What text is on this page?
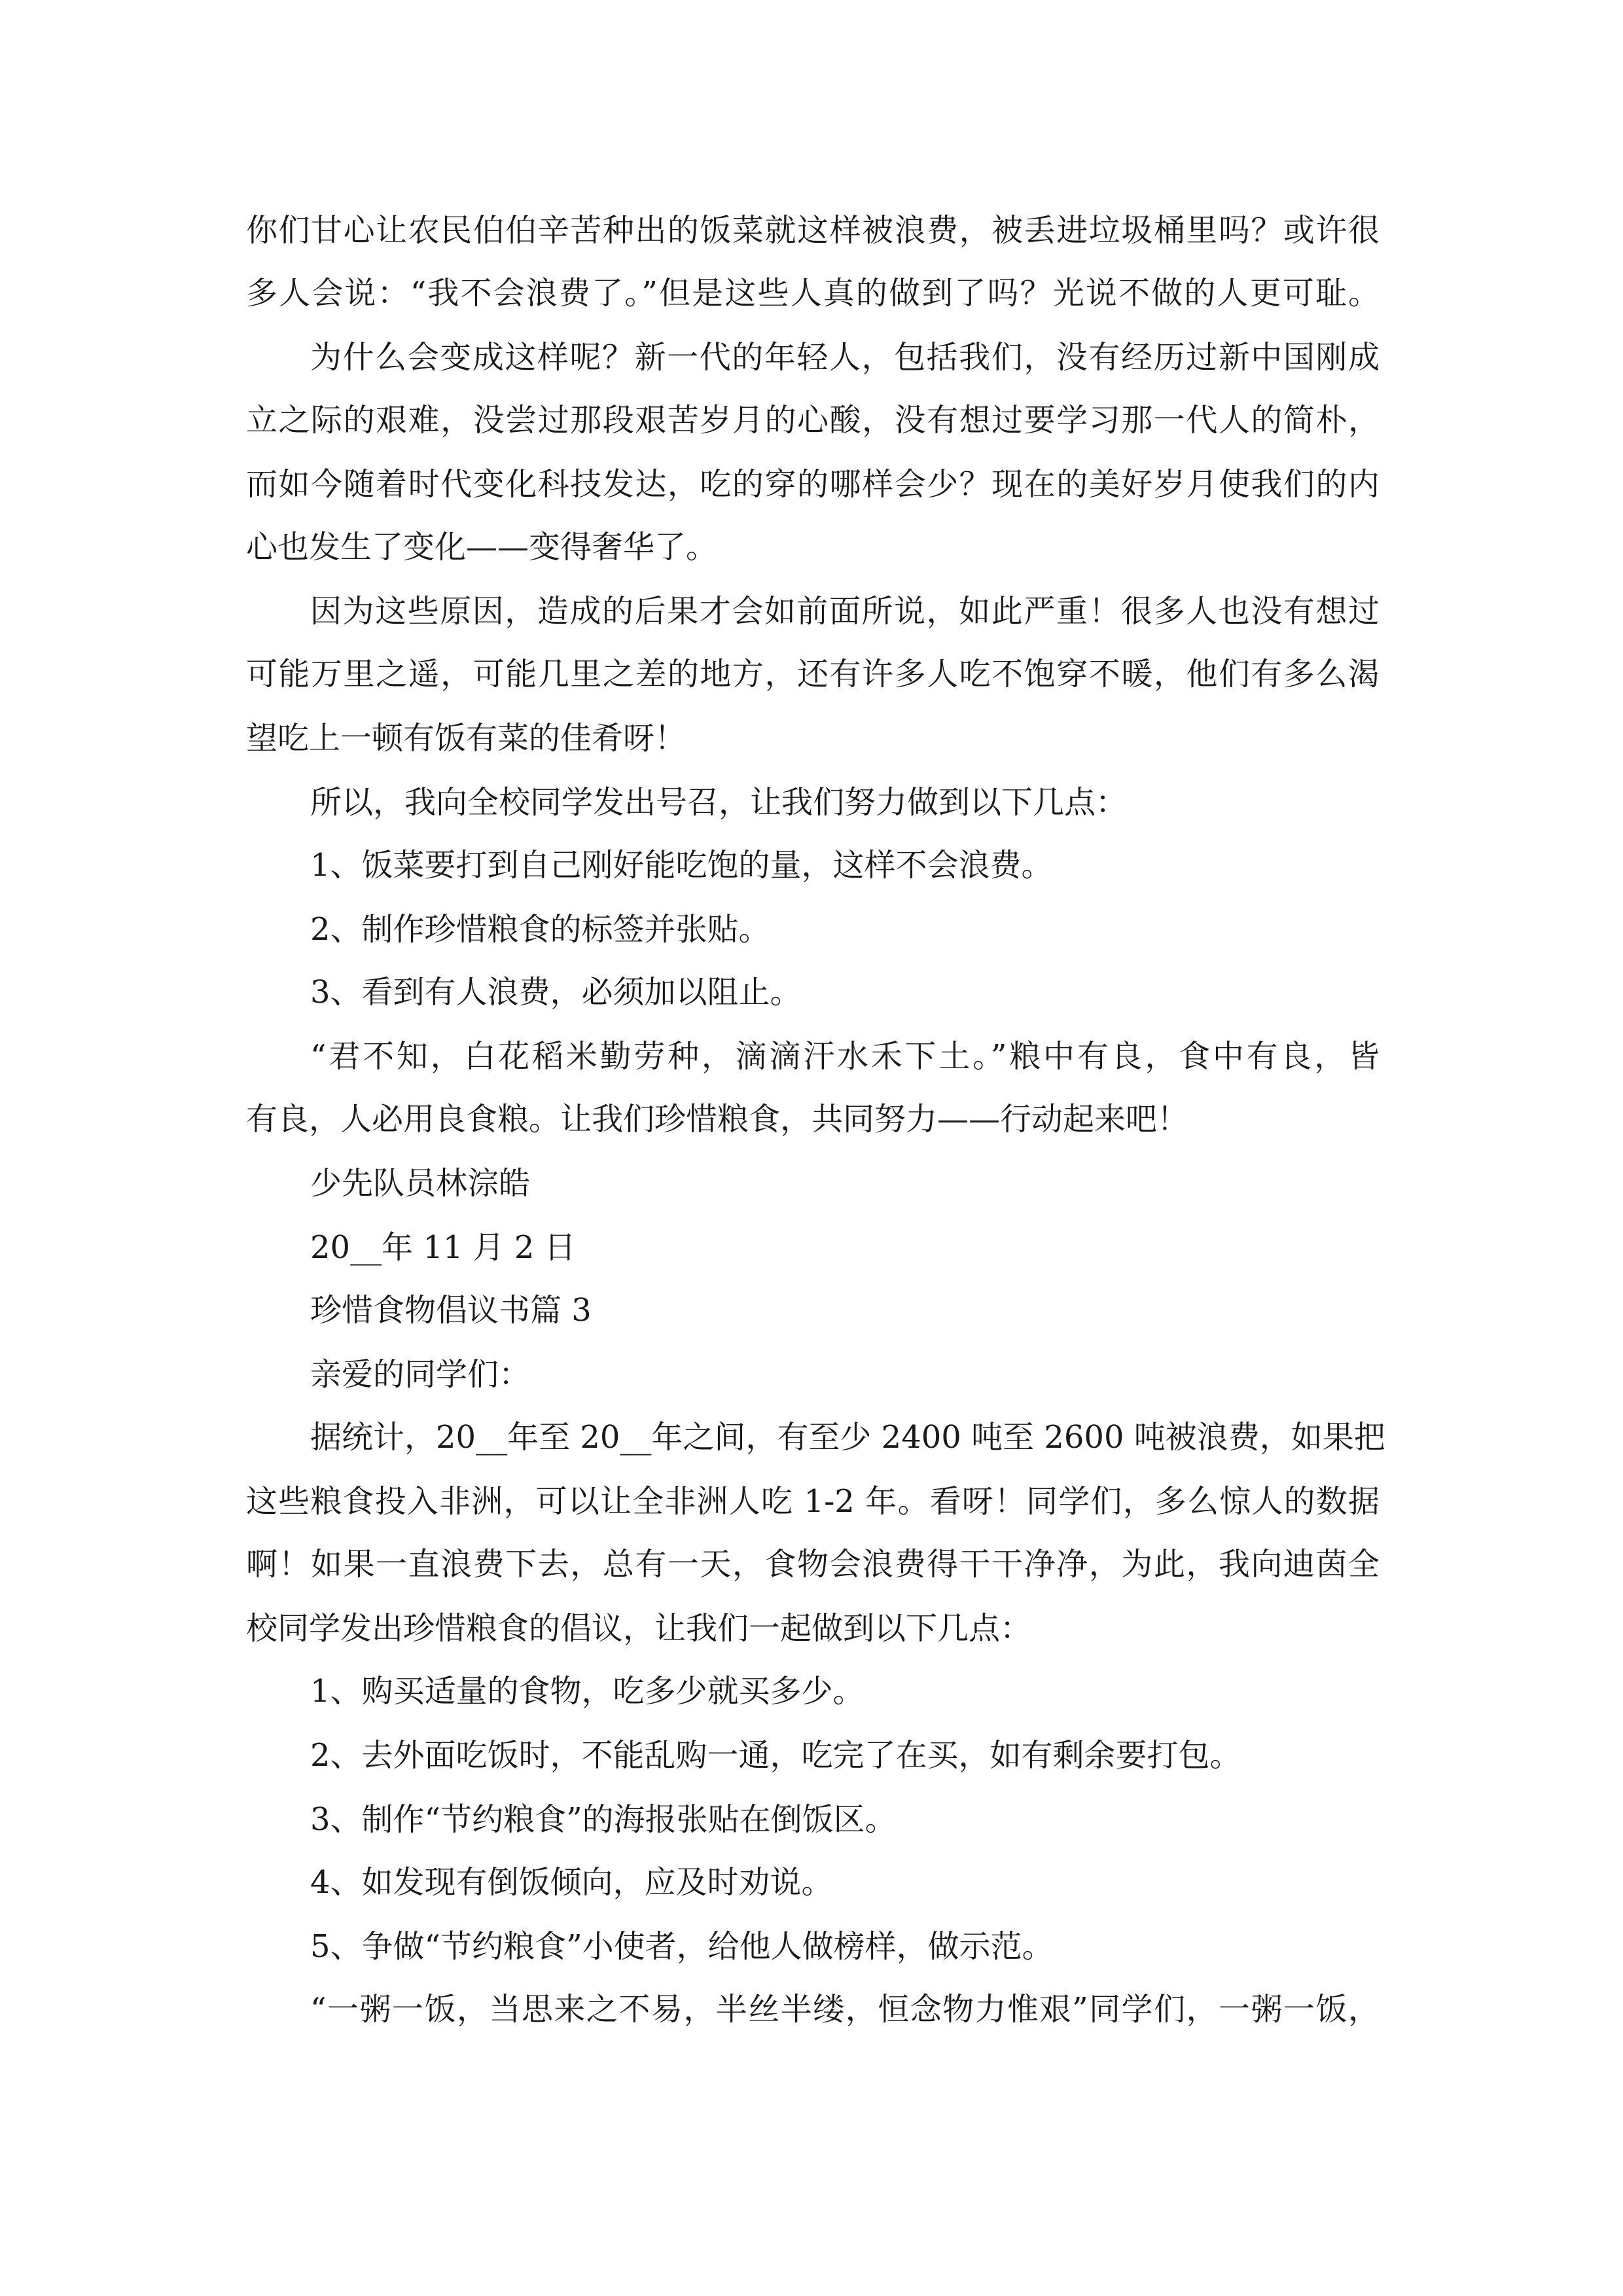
你们甘心让农民伯伯辛苦种出的饭菜就这样被浪费，被丢进垃圾桶里吗？或许很

多人会说：“我不会浪费了。”但是这些人真的做到了吗？光说不做的人更可耻。

为什么会变成这样呢？新一代的年轻人，包括我们，没有经历过新中国刚成

立之际的艰难，没尝过那段艰苦岁月的心酸，没有想过要学习那一代人的简朴，

而如今随着时代变化科技发达，吃的穿的哪样会少？现在的美好岁月使我们的内

心也发生了变化——变得奢华了。

因为这些原因，造成的后果才会如前面所说，如此严重！很多人也没有想过

可能万里之遥，可能几里之差的地方，还有许多人吃不饱穿不暖，他们有多么渴

望吃上一顿有饭有菜的佳肴呀！

所以，我向全校同学发出号召，让我们努力做到以下几点：

1、饭菜要打到自己刚好能吃饱的量，这样不会浪费。

2、制作珍惜粮食的标签并张贴。

3、看到有人浪费，必须加以阻止。

“君不知，白花稻米勤劳种，滴滴汗水禾下土。”粮中有良，食中有良，皆

有良，人必用良食粮。让我们珍惜粮食，共同努力——行动起来吧！

少先队员林淙皓

20__年 11 月 2 日

珍惜食物倡议书篇 3

亲爱的同学们：

据统计，20__年至 20__年之间，有至少 2400 吨至 2600 吨被浪费，如果把

这些粮食投入非洲，可以让全非洲人吃 1-2 年。看呀！同学们，多么惊人的数据

啊！如果一直浪费下去，总有一天，食物会浪费得干干净净，为此，我向迪茵全

校同学发出珍惜粮食的倡议，让我们一起做到以下几点：

1、购买适量的食物，吃多少就买多少。

2、去外面吃饭时，不能乱购一通，吃完了在买，如有剩余要打包。

3、制作“节约粮食”的海报张贴在倒饭区。

4、如发现有倒饭倾向，应及时劝说。

5、争做“节约粮食”小使者，给他人做榜样，做示范。

“一粥一饭，当思来之不易，半丝半缕，恒念物力惟艰”同学们，一粥一饭，
